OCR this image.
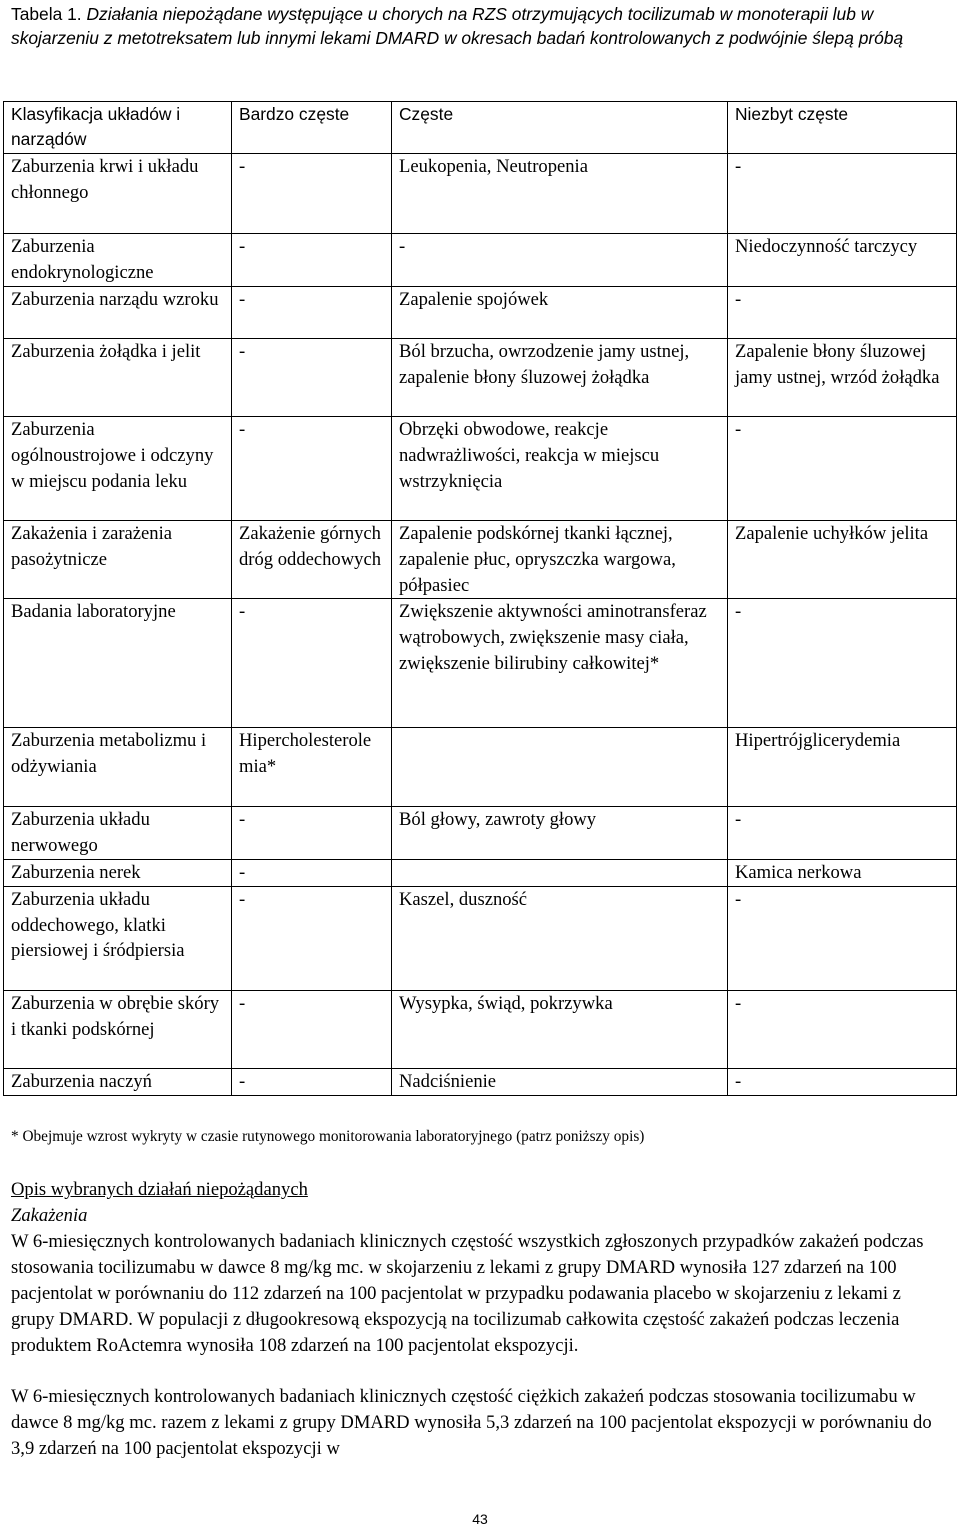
Tabela 1. Działania niepożądane występujące u chorych na RZS otrzymujących tocilizumab w monoterapii lub w skojarzeniu z metotreksatem lub innymi lekami DMARD w okresach badań kontrolowanych z podwójnie ślepą próbą
Klasyfikacja układów i narządów	Bardzo częste	Częste	Niezbyt częste
Zaburzenia krwi i układu chłonnego	-	Leukopenia, Neutropenia	-
Zaburzenia endokrynologiczne	-	-	Niedoczynność tarczycy
Zaburzenia narządu wzroku	-	Zapalenie spojówek	-
Zaburzenia żołądka i jelit	-	Ból brzucha, owrzodzenie jamy ustnej, zapalenie błony śluzowej żołądka	Zapalenie błony śluzowej jamy ustnej, wrzód żołądka
Zaburzenia ogólnoustrojowe i odczyny w miejscu podania leku	-	Obrzęki obwodowe, reakcje nadwrażliwości, reakcja w miejscu wstrzyknięcia	-
Zakażenia i zarażenia pasożytnicze	Zakażenie górnych dróg oddechowych	Zapalenie podskórnej tkanki łącznej, zapalenie płuc, opryszczka wargowa, półpasiec	Zapalenie uchyłków jelita
Badania laboratoryjne	-	Zwiększenie aktywności aminotransferaz wątrobowych, zwiększenie masy ciała, zwiększenie bilirubiny całkowitej*	-
Zaburzenia metabolizmu i odżywiania	Hipercholesterolemia*		Hipertrójglicerydemia
Zaburzenia układu nerwowego	-	Ból głowy, zawroty głowy	-
Zaburzenia nerek	-		Kamica nerkowa
Zaburzenia układu oddechowego, klatki piersiowej i śródpiersia	-	Kaszel, duszność	-
Zaburzenia w obrębie skóry i tkanki podskórnej	-	Wysypka, świąd, pokrzywka	-
Zaburzenia naczyń	-	Nadciśnienie	-
* Obejmuje wzrost wykryty w czasie rutynowego monitorowania laboratoryjnego (patrz poniższy opis)
Opis wybranych działań niepożądanych
Zakażenia

W 6-miesięcznych kontrolowanych badaniach klinicznych częstość wszystkich zgłoszonych przypadków zakażeń podczas stosowania tocilizumabu w dawce 8 mg/kg mc. w skojarzeniu z lekami z grupy DMARD wynosiła 127 zdarzeń na 100 pacjentolat w porównaniu do 112 zdarzeń na 100 pacjentolat w przypadku podawania placebo w skojarzeniu z lekami z grupy DMARD. W populacji z długookresową ekspozycją na tocilizumab całkowita częstość zakażeń podczas leczenia produktem RoActemra wynosiła 108 zdarzeń na 100 pacjentolat ekspozycji.

W 6-miesięcznych kontrolowanych badaniach klinicznych częstość ciężkich zakażeń podczas stosowania tocilizumabu w dawce 8 mg/kg mc. razem z lekami z grupy DMARD wynosiła 5,3 zdarzeń na 100 pacjentolat ekspozycji w porównaniu do 3,9 zdarzeń na 100 pacjentolat ekspozycji w

43
